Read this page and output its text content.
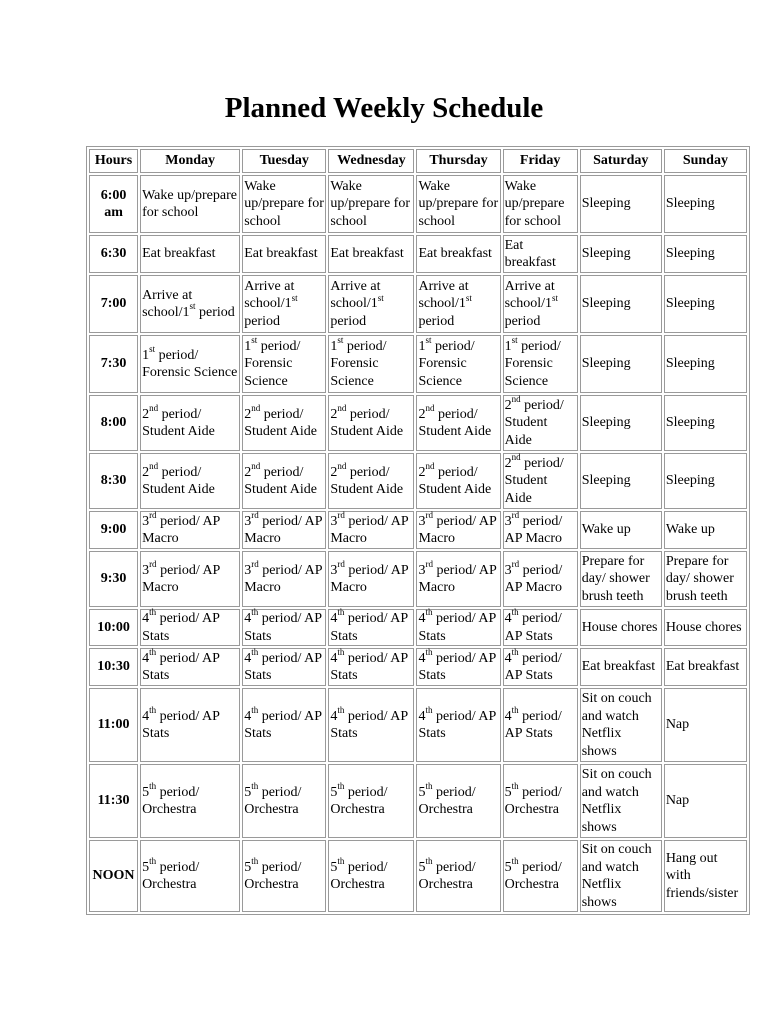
Planned Weekly Schedule
Hours	Monday	Tuesday	Wednesday	Thursday	Friday	Saturday	Sunday
6:00 am	Wake up/prepare for school	Wake up/prepare for school	Wake up/prepare for school	Wake up/prepare for school	Wake up/prepare for school	Sleeping	Sleeping
6:30	Eat breakfast	Eat breakfast	Eat breakfast	Eat breakfast	Eat breakfast	Sleeping	Sleeping
7:00	Arrive at school/1st period	Arrive at school/1st period	Arrive at school/1st period	Arrive at school/1st period	Arrive at school/1st period	Sleeping	Sleeping
7:30	1st period/ Forensic Science	1st period/ Forensic Science	1st period/ Forensic Science	1st period/ Forensic Science	1st period/ Forensic Science	Sleeping	Sleeping
8:00	2nd period/ Student Aide	2nd period/ Student Aide	2nd period/ Student Aide	2nd period/ Student Aide	2nd period/ Student Aide	Sleeping	Sleeping
8:30	2nd period/ Student Aide	2nd period/ Student Aide	2nd period/ Student Aide	2nd period/ Student Aide	2nd period/ Student Aide	Sleeping	Sleeping
9:00	3rd period/ AP Macro	3rd period/ AP Macro	3rd period/ AP Macro	3rd period/ AP Macro	3rd period/ AP Macro	Wake up	Wake up
9:30	3rd period/ AP Macro	3rd period/ AP Macro	3rd period/ AP Macro	3rd period/ AP Macro	3rd period/ AP Macro	Prepare for day/ shower brush teeth	Prepare for day/ shower brush teeth
10:00	4th period/ AP Stats	4th period/ AP Stats	4th period/ AP Stats	4th period/ AP Stats	4th period/ AP Stats	House chores	House chores
10:30	4th period/ AP Stats	4th period/ AP Stats	4th period/ AP Stats	4th period/ AP Stats	4th period/ AP Stats	Eat breakfast	Eat breakfast
11:00	4th period/ AP Stats	4th period/ AP Stats	4th period/ AP Stats	4th period/ AP Stats	4th period/ AP Stats	Sit on couch and watch Netflix shows	Nap
11:30	5th period/ Orchestra	5th period/ Orchestra	5th period/ Orchestra	5th period/ Orchestra	5th period/ Orchestra	Sit on couch and watch Netflix shows	Nap
NOON	5th period/ Orchestra	5th period/ Orchestra	5th period/ Orchestra	5th period/ Orchestra	5th period/ Orchestra	Sit on couch and watch Netflix shows	Hang out with friends/sister
